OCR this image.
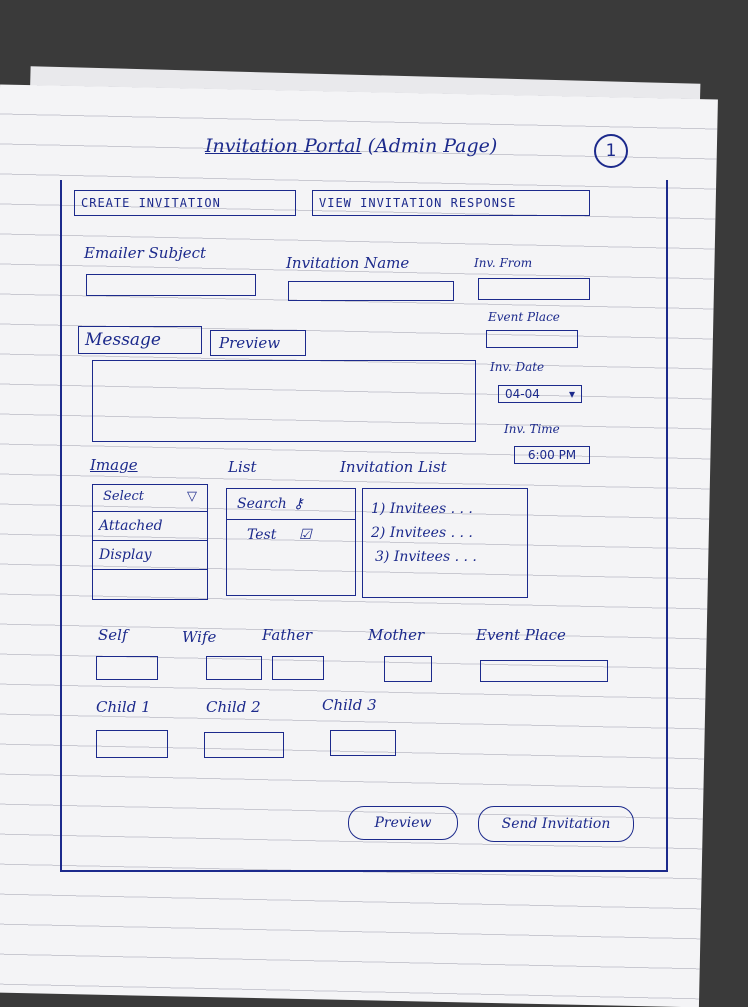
Invitation Portal (Admin Page)	1
CREATE INVITATION	VIEW INVITATION RESPONSE
Emailer Subject
Invitation Name	Inv. From
Event Place
Inv. Date
04-04 ▾
Inv. Time
6:00 PM
Message	Preview
Image	List	Invitation List
Select	▽
Attached
Display
Search ⚷
Test ☑
1) Invitees . . .
2) Invitees . . .
3) Invitees . . .
Self	Wife	Father	Mother	Event Place
Child 1	Child 2	Child 3
Preview	Send Invitation
